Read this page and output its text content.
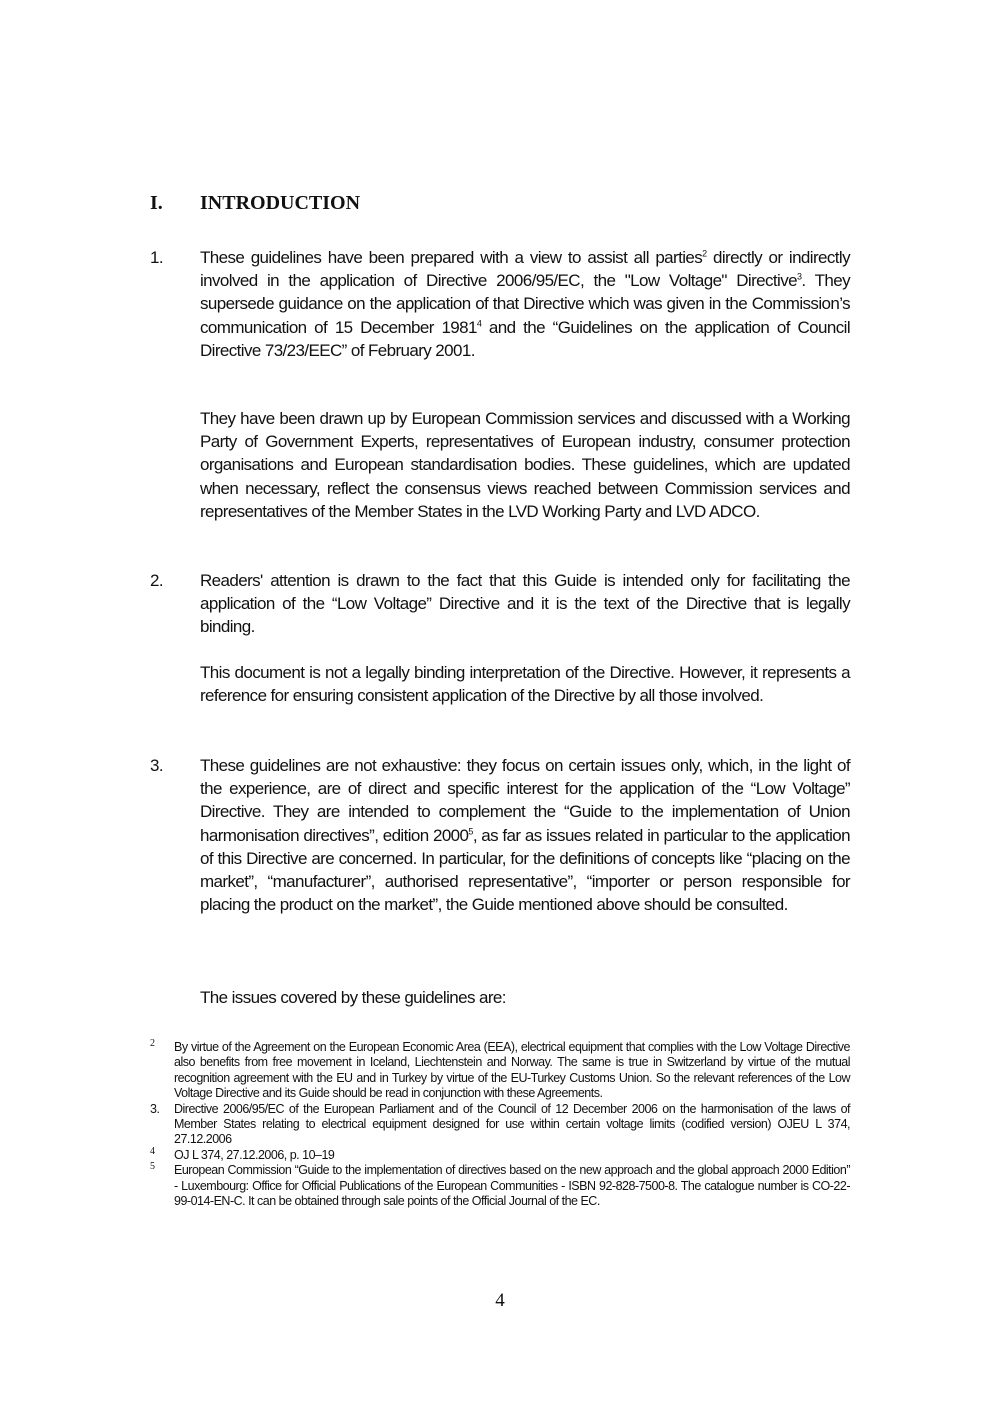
I. INTRODUCTION
1. These guidelines have been prepared with a view to assist all parties$^2$ directly or indirectly involved in the application of Directive 2006/95/EC, the "Low Voltage" Directive$^3$. They supersede guidance on the application of that Directive which was given in the Commission’s communication of 15 December 1981$^4$ and the “Guidelines on the application of Council Directive 73/23/EEC” of February 2001.
They have been drawn up by European Commission services and discussed with a Working Party of Government Experts, representatives of European industry, consumer protection organisations and European standardisation bodies. These guidelines, which are updated when necessary, reflect the consensus views reached between Commission services and representatives of the Member States in the LVD Working Party and LVD ADCO.
2. Readers' attention is drawn to the fact that this Guide is intended only for facilitating the application of the “Low Voltage” Directive and it is the text of the Directive that is legally binding.
This document is not a legally binding interpretation of the Directive. However, it represents a reference for ensuring consistent application of the Directive by all those involved.
3. These guidelines are not exhaustive: they focus on certain issues only, which, in the light of the experience, are of direct and specific interest for the application of the “Low Voltage” Directive. They are intended to complement the “Guide to the implementation of Union harmonisation directives”, edition 2000$^5$, as far as issues related in particular to the application of this Directive are concerned. In particular, for the definitions of concepts like “placing on the market”, “manufacturer”, authorised representative”, “importer or person responsible for placing the product on the market”, the Guide mentioned above should be consulted.
The issues covered by these guidelines are:

2 By virtue of the Agreement on the European Economic Area (EEA), electrical equipment that complies with the Low Voltage Directive also benefits from free movement in Iceland, Liechtenstein and Norway. The same is true in Switzerland by virtue of the mutual recognition agreement with the EU and in Turkey by virtue of the EU-Turkey Customs Union. So the relevant references of the Low Voltage Directive and its Guide should be read in conjunction with these Agreements.

3. Directive 2006/95/EC of the European Parliament and of the Council of 12 December 2006 on the harmonisation of the laws of Member States relating to electrical equipment designed for use within certain voltage limits (codified version) OJEU L 374, 27.12.2006

4 OJ L 374, 27.12.2006, p. 10–19

5 European Commission “Guide to the implementation of directives based on the new approach and the global approach 2000 Edition” - Luxembourg: Office for Official Publications of the European Communities - ISBN 92-828-7500-8. The catalogue number is CO-22-99-014-EN-C. It can be obtained through sale points of the Official Journal of the EC.

4
